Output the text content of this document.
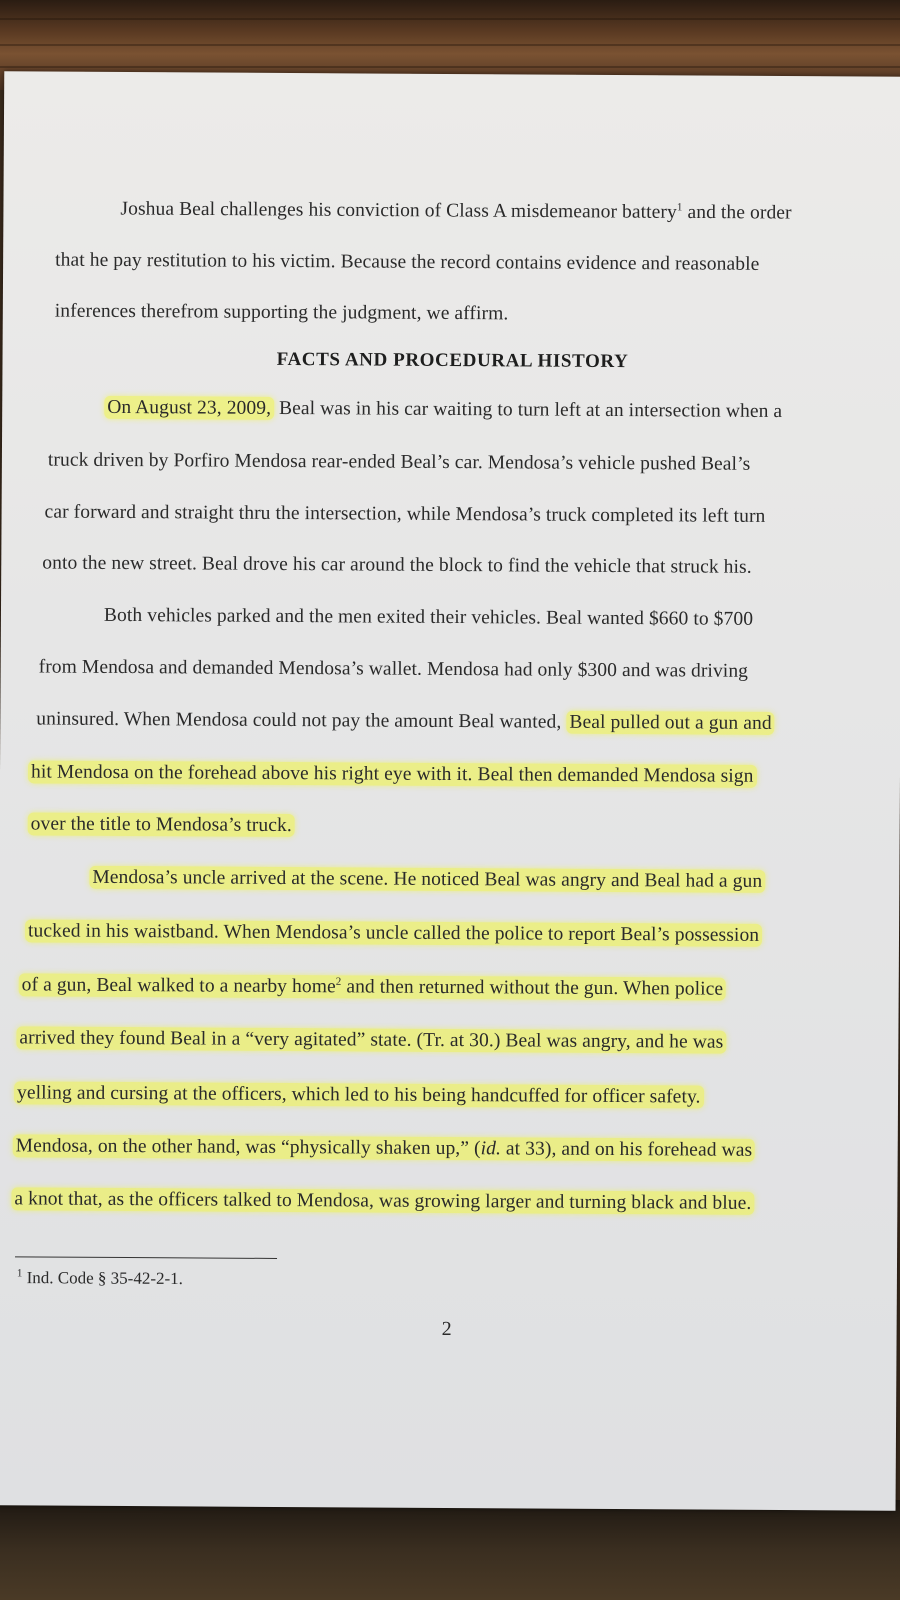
Joshua Beal challenges his conviction of Class A misdemeanor battery$^1$ and the order
that he pay restitution to his victim. Because the record contains evidence and reasonable
inferences therefrom supporting the judgment, we affirm.
FACTS AND PROCEDURAL HISTORY
On August 23, 2009, Beal was in his car waiting to turn left at an intersection when a
truck driven by Porfiro Mendosa rear-ended Beal’s car. Mendosa’s vehicle pushed Beal’s
car forward and straight thru the intersection, while Mendosa’s truck completed its left turn
onto the new street. Beal drove his car around the block to find the vehicle that struck his.
Both vehicles parked and the men exited their vehicles. Beal wanted $660 to $700
from Mendosa and demanded Mendosa’s wallet. Mendosa had only $300 and was driving
uninsured. When Mendosa could not pay the amount Beal wanted, Beal pulled out a gun and
hit Mendosa on the forehead above his right eye with it. Beal then demanded Mendosa sign
over the title to Mendosa’s truck.
Mendosa’s uncle arrived at the scene. He noticed Beal was angry and Beal had a gun
tucked in his waistband. When Mendosa’s uncle called the police to report Beal’s possession
of a gun, Beal walked to a nearby home$^2$ and then returned without the gun. When police
arrived they found Beal in a “very agitated” state. (Tr. at 30.) Beal was angry, and he was
yelling and cursing at the officers, which led to his being handcuffed for officer safety.
Mendosa, on the other hand, was “physically shaken up,” (id. at 33), and on his forehead was
a knot that, as the officers talked to Mendosa, was growing larger and turning black and blue.
$^1$ Ind. Code § 35-42-2-1.
2
